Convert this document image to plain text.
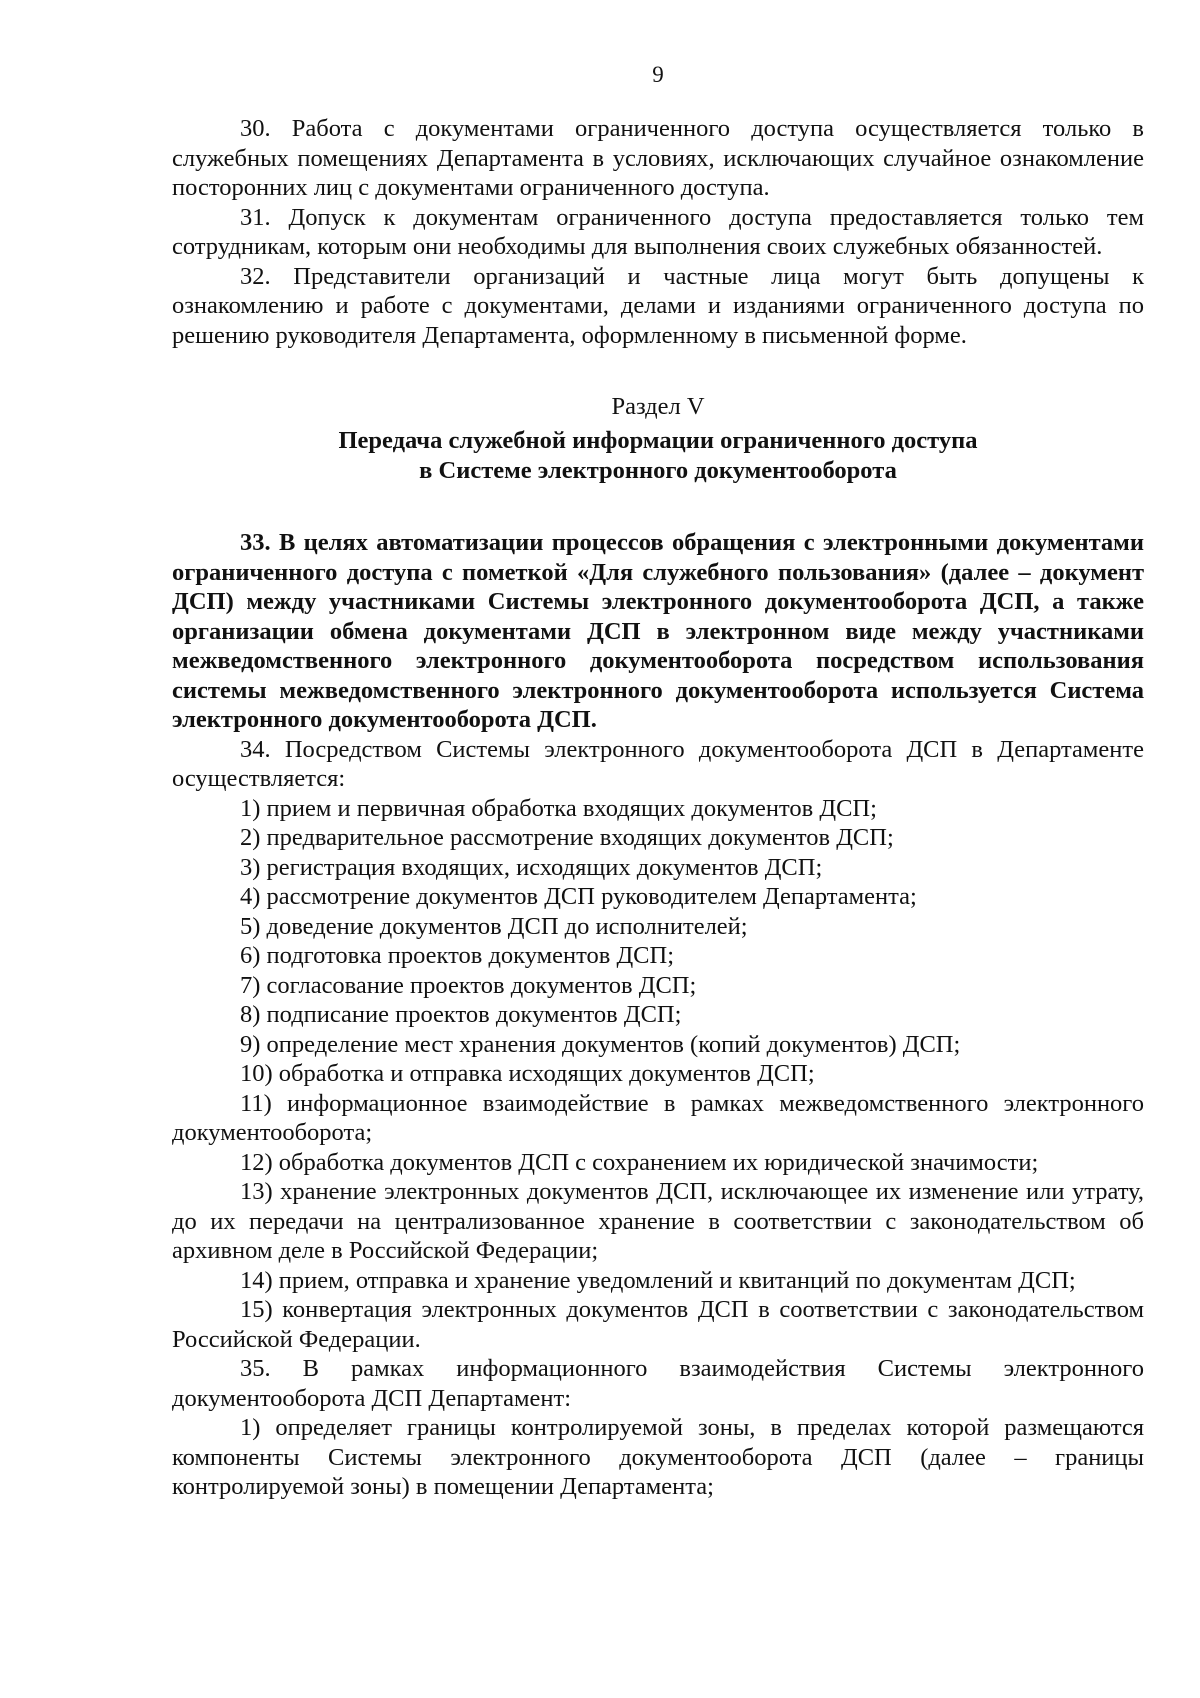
9

30. Работа с документами ограниченного доступа осуществляется только в служебных помещениях Департамента в условиях, исключающих случайное ознакомление посторонних лиц с документами ограниченного доступа.

31. Допуск к документам ограниченного доступа предоставляется только тем сотрудникам, которым они необходимы для выполнения своих служебных обязанностей.

32. Представители организаций и частные лица могут быть допущены к ознакомлению и работе с документами, делами и изданиями ограниченного доступа по решению руководителя Департамента, оформленному в письменной форме.

Раздел V
Передача служебной информации ограниченного доступа
в Системе электронного документооборота

33. В целях автоматизации процессов обращения с электронными документами ограниченного доступа с пометкой «Для служебного пользования» (далее – документ ДСП) между участниками Системы электронного документооборота ДСП, а также организации обмена документами ДСП в электронном виде между участниками межведомственного электронного документооборота посредством использования системы межведомственного электронного документооборота используется Система электронного документооборота ДСП.

34. Посредством Системы электронного документооборота ДСП в Департаменте осуществляется:

1) прием и первичная обработка входящих документов ДСП;

2) предварительное рассмотрение входящих документов ДСП;

3) регистрация входящих, исходящих документов ДСП;

4) рассмотрение документов ДСП руководителем Департамента;

5) доведение документов ДСП до исполнителей;

6) подготовка проектов документов ДСП;

7) согласование проектов документов ДСП;

8) подписание проектов документов ДСП;

9) определение мест хранения документов (копий документов) ДСП;

10) обработка и отправка исходящих документов ДСП;

11) информационное взаимодействие в рамках межведомственного электронного документооборота;

12) обработка документов ДСП с сохранением их юридической значимости;

13) хранение электронных документов ДСП, исключающее их изменение или утрату, до их передачи на централизованное хранение в соответствии с законодательством об архивном деле в Российской Федерации;

14) прием, отправка и хранение уведомлений и квитанций по документам ДСП;

15) конвертация электронных документов ДСП в соответствии с законодательством Российской Федерации.

35. В рамках информационного взаимодействия Системы электронного документооборота ДСП Департамент:

1) определяет границы контролируемой зоны, в пределах которой размещаются компоненты Системы электронного документооборота ДСП (далее – границы контролируемой зоны) в помещении Департамента;
